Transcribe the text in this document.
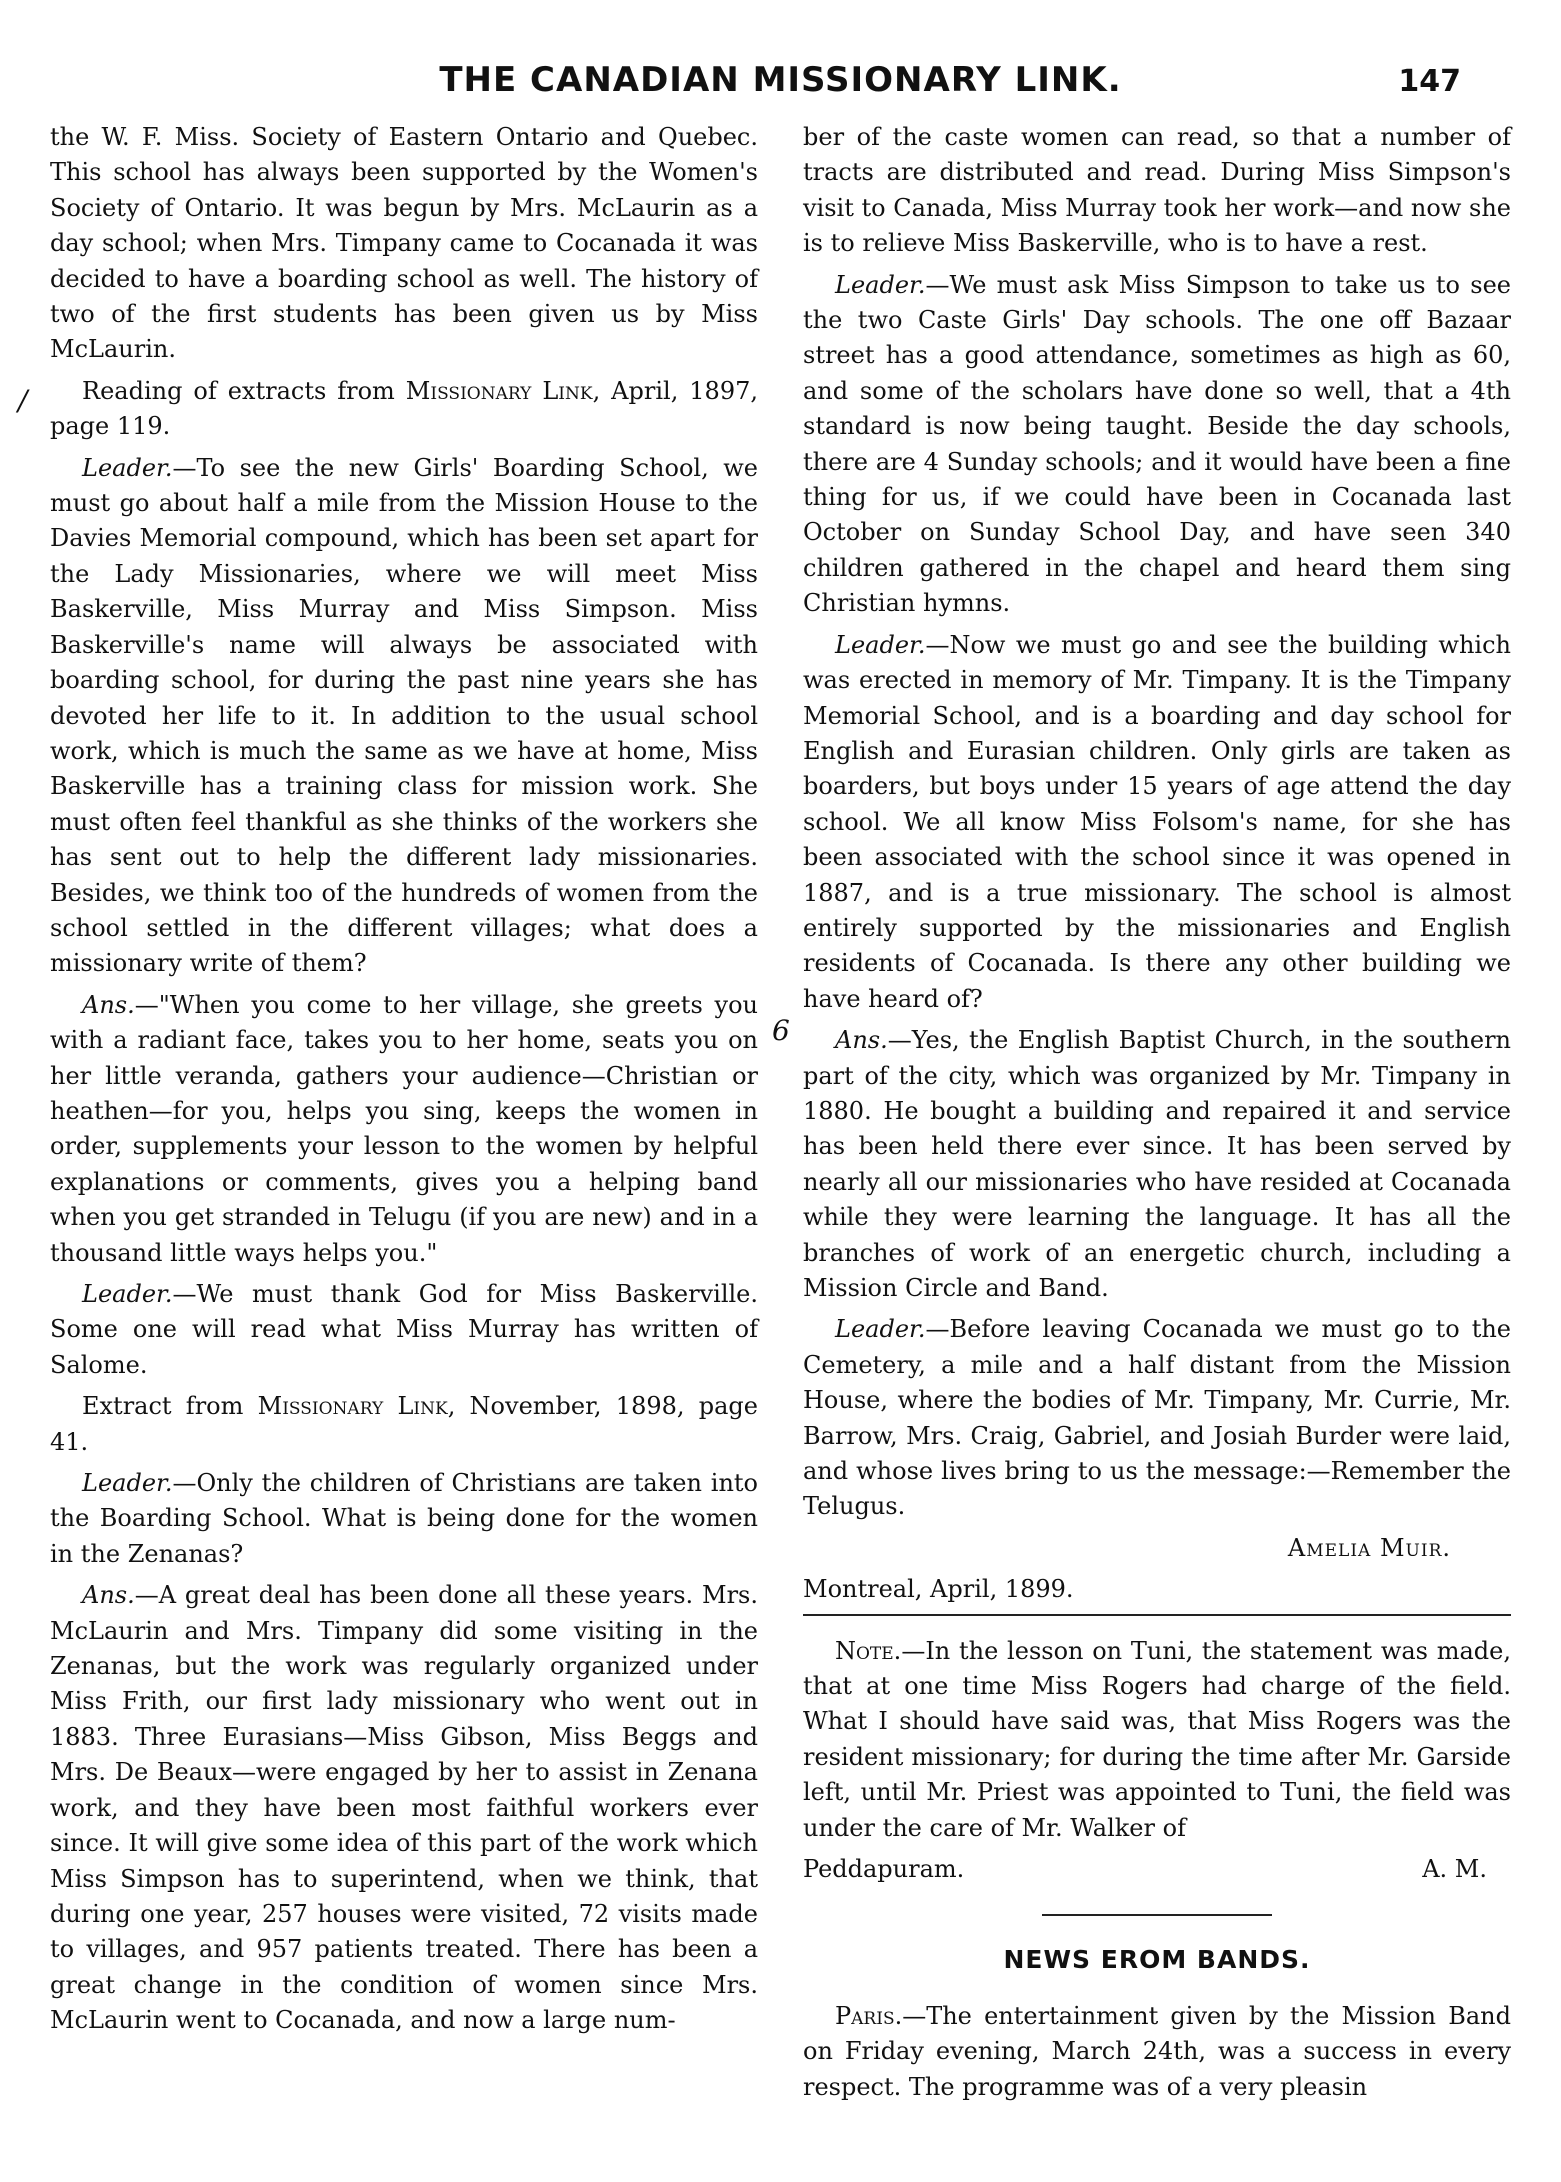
THE CANADIAN MISSIONARY LINK.	147

the W. F. Miss. Society of Eastern Ontario and Quebec. This school has always been supported by the Women's Society of Ontario. It was begun by Mrs. McLaurin as a day school; when Mrs. Timpany came to Cocanada it was decided to have a boarding school as well. The history of two of the first students has been given us by Miss McLaurin.

Reading of extracts from Missionary Link, April, 1897, page 119.

Leader.—To see the new Girls' Boarding School, we must go about half a mile from the Mission House to the Davies Memorial compound, which has been set apart for the Lady Missionaries, where we will meet Miss Baskerville, Miss Murray and Miss Simpson. Miss Baskerville's name will always be associated with boarding school, for during the past nine years she has devoted her life to it. In addition to the usual school work, which is much the same as we have at home, Miss Baskerville has a training class for mission work. She must often feel thankful as she thinks of the workers she has sent out to help the different lady missionaries. Besides, we think too of the hundreds of women from the school settled in the different villages; what does a missionary write of them?

Ans.—"When you come to her village, she greets you with a radiant face, takes you to her home, seats you on her little veranda, gathers your audience—Christian or heathen—for you, helps you sing, keeps the women in order, supplements your lesson to the women by helpful explanations or comments, gives you a helping band when you get stranded in Telugu (if you are new) and in a thousand little ways helps you."

Leader.—We must thank God for Miss Baskerville. Some one will read what Miss Murray has written of Salome.

Extract from Missionary Link, November, 1898, page 41.

Leader.—Only the children of Christians are taken into the Boarding School. What is being done for the women in the Zenanas?

Ans.—A great deal has been done all these years. Mrs. McLaurin and Mrs. Timpany did some visiting in the Zenanas, but the work was regularly organized under Miss Frith, our first lady missionary who went out in 1883. Three Eurasians—Miss Gibson, Miss Beggs and Mrs. De Beaux—were engaged by her to assist in Zenana work, and they have been most faithful workers ever since. It will give some idea of this part of the work which Miss Simpson has to superintend, when we think, that during one year, 257 houses were visited, 72 visits made to villages, and 957 patients treated. There has been a great change in the condition of women since Mrs. McLaurin went to Cocanada, and now a large num-

ber of the caste women can read, so that a number of tracts are distributed and read. During Miss Simpson's visit to Canada, Miss Murray took her work—and now she is to relieve Miss Baskerville, who is to have a rest.

Leader.—We must ask Miss Simpson to take us to see the two Caste Girls' Day schools. The one off Bazaar street has a good attendance, sometimes as high as 60, and some of the scholars have done so well, that a 4th standard is now being taught. Beside the day schools, there are 4 Sunday schools; and it would have been a fine thing for us, if we could have been in Cocanada last October on Sunday School Day, and have seen 340 children gathered in the chapel and heard them sing Christian hymns.

Leader.—Now we must go and see the building which was erected in memory of Mr. Timpany. It is the Timpany Memorial School, and is a boarding and day school for English and Eurasian children. Only girls are taken as boarders, but boys under 15 years of age attend the day school. We all know Miss Folsom's name, for she has been associated with the school since it was opened in 1887, and is a true missionary. The school is almost entirely supported by the missionaries and English residents of Cocanada. Is there any other building we have heard of?

Ans.—Yes, the English Baptist Church, in the southern part of the city, which was organized by Mr. Timpany in 1880. He bought a building and repaired it and service has been held there ever since. It has been served by nearly all our missionaries who have resided at Cocanada while they were learning the language. It has all the branches of work of an energetic church, including a Mission Circle and Band.

Leader.—Before leaving Cocanada we must go to the Cemetery, a mile and a half distant from the Mission House, where the bodies of Mr. Timpany, Mr. Currie, Mr. Barrow, Mrs. Craig, Gabriel, and Josiah Burder were laid, and whose lives bring to us the message:—Remember the Telugus.

Amelia Muir.

Montreal, April, 1899.

Note.—In the lesson on Tuni, the statement was made, that at one time Miss Rogers had charge of the field. What I should have said was, that Miss Rogers was the resident missionary; for during the time after Mr. Garside left, until Mr. Priest was appointed to Tuni, the field was under the care of Mr. Walker of

Peddapuram.	A. M.
NEWS EROM BANDS.

Paris.—The entertainment given by the Mission Band on Friday evening, March 24th, was a success in every respect. The programme was of a very pleasin

/
6
